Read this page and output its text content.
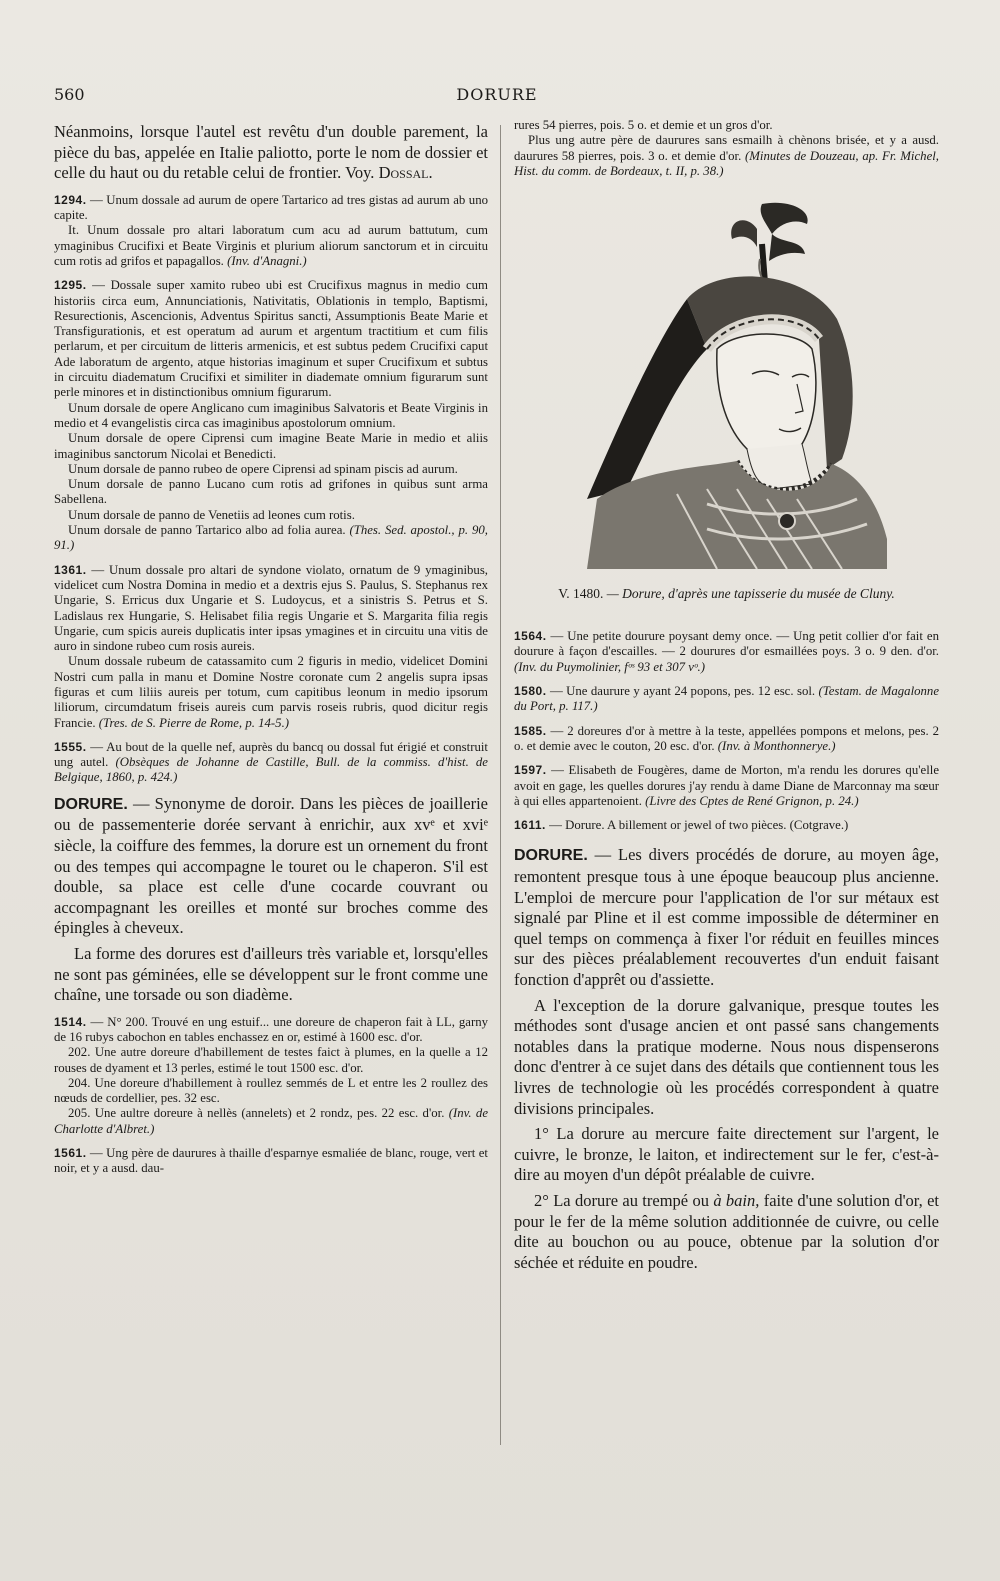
560	DORURE

Néanmoins, lorsque l'autel est revêtu d'un double parement, la pièce du bas, appelée en Italie paliotto, porte le nom de dossier et celle du haut ou du retable celui de frontier. Voy. Dossal.

1294. — Unum dossale ad aurum de opere Tartarico ad tres gistas ad aurum ab uno capite.
It. Unum dossale pro altari laboratum cum acu ad aurum battutum, cum ymaginibus Crucifixi et Beate Virginis et plurium aliorum sanctorum et in circuitu cum rotis ad grifos et papagallos. (Inv. d'Anagni.)

1295. — Dossale super xamito rubeo ubi est Crucifixus magnus in medio cum historiis circa eum, Annunciationis, Nativitatis, Oblationis in templo, Baptismi, Resurectionis, Ascencionis, Adventus Spiritus sancti, Assumptionis Beate Marie et Transfigurationis, et est operatum ad aurum et argentum tractitium et cum filis perlarum, et per circuitum de litteris armenicis, et est subtus pedem Crucifixi caput Ade laboratum de argento, atque historias imaginum et super Crucifixum et subtus in circuitu diadematum Crucifixi et similiter in diademate omnium figurarum sunt perle minores et in distinctionibus omnium figurarum.
Unum dorsale de opere Anglicano cum imaginibus Salvatoris et Beate Virginis in medio et 4 evangelistis circa cas imaginibus apostolorum omnium.
Unum dorsale de opere Ciprensi cum imagine Beate Marie in medio et aliis imaginibus sanctorum Nicolai et Benedicti.
Unum dorsale de panno rubeo de opere Ciprensi ad spinam piscis ad aurum.
Unum dorsale de panno Lucano cum rotis ad grifones in quibus sunt arma Sabellena.
Unum dorsale de panno de Venetiis ad leones cum rotis.
Unum dorsale de panno Tartarico albo ad folia aurea. (Thes. Sed. apostol., p. 90, 91.)

1361. — Unum dossale pro altari de syndone violato, ornatum de 9 ymaginibus, videlicet cum Nostra Domina in medio et a dextris ejus S. Paulus, S. Stephanus rex Ungarie, S. Erricus dux Ungarie et S. Ludoycus, et a sinistris S. Petrus et S. Ladislaus rex Hungarie, S. Helisabet filia regis Ungarie et S. Margarita filia regis Ungarie, cum spicis aureis duplicatis inter ipsas ymagines et in circuitu una vitis de auro in sindone rubeo cum rosis aureis.
Unum dossale rubeum de catassamito cum 2 figuris in medio, videlicet Domini Nostri cum palla in manu et Domine Nostre coronate cum 2 angelis supra ipsas figuras et cum liliis aureis per totum, cum capitibus leonum in medio ipsorum liliorum, circumdatum friseis aureis cum parvis roseis rubris, quod dicitur regis Francie. (Tres. de S. Pierre de Rome, p. 14-5.)

1555. — Au bout de la quelle nef, auprès du bancq ou dossal fut érigié et construit ung autel. (Obsèques de Johanne de Castille, Bull. de la commiss. d'hist. de Belgique, 1860, p. 424.)

DORURE. — Synonyme de doroir. Dans les pièces de joaillerie ou de passementerie dorée servant à enrichir, aux xvᵉ et xviᵉ siècle, la coiffure des femmes, la dorure est un ornement du front ou des tempes qui accompagne le touret ou le chaperon. S'il est double, sa place est celle d'une cocarde couvrant ou accompagnant les oreilles et monté sur broches comme des épingles à cheveux.

La forme des dorures est d'ailleurs très variable et, lorsqu'elles ne sont pas géminées, elle se développent sur le front comme une chaîne, une torsade ou son diadème.

1514. — N° 200. Trouvé en ung estuif... une doreure de chaperon fait à LL, garny de 16 rubys cabochon en tables enchassez en or, estimé à 1600 esc. d'or.
202. Une autre doreure d'habillement de testes faict à plumes, en la quelle a 12 rouses de dyament et 13 perles, estimé le tout 1500 esc. d'or.
204. Une doreure d'habillement à roullez semmés de L et entre les 2 roullez des nœuds de cordellier, pes. 32 esc.
205. Une aultre doreure à nellès (annelets) et 2 rondz, pes. 22 esc. d'or. (Inv. de Charlotte d'Albret.)

1561. — Ung père de daurures à thaille d'esparnye esmaliée de blanc, rouge, vert et noir, et y a ausd. dau-

rures 54 pierres, pois. 5 o. et demie et un gros d'or.
Plus ung autre père de daurures sans esmailh à chènons brisée, et y a ausd. daurures 58 pierres, pois. 3 o. et demie d'or. (Minutes de Douzeau, ap. Fr. Michel, Hist. du comm. de Bordeaux, t. II, p. 38.)

V. 1480. — Dorure, d'après une tapisserie du musée de Cluny.

1564. — Une petite dourure poysant demy once. — Ung petit collier d'or fait en dourure à façon d'escailles. — 2 dourures d'or esmaillées poys. 3 o. 9 den. d'or. (Inv. du Puymolinier, fᵒˢ 93 et 307 vᵒ.)

1580. — Une daurure y ayant 24 popons, pes. 12 esc. sol. (Testam. de Magalonne du Port, p. 117.)

1585. — 2 doreures d'or à mettre à la teste, appellées pompons et melons, pes. 2 o. et demie avec le couton, 20 esc. d'or. (Inv. à Monthonnerye.)

1597. — Elisabeth de Fougères, dame de Morton, m'a rendu les dorures qu'elle avoit en gage, les quelles dorures j'ay rendu à dame Diane de Marconnay ma sœur à qui elles appartenoient. (Livre des Cptes de René Grignon, p. 24.)

1611. — Dorure. A billement or jewel of two pièces. (Cotgrave.)

DORURE. — Les divers procédés de dorure, au moyen âge, remontent presque tous à une époque beaucoup plus ancienne. L'emploi de mercure pour l'application de l'or sur métaux est signalé par Pline et il est comme impossible de déterminer en quel temps on commença à fixer l'or réduit en feuilles minces sur des pièces préalablement recouvertes d'un enduit faisant fonction d'apprêt ou d'assiette.

A l'exception de la dorure galvanique, presque toutes les méthodes sont d'usage ancien et ont passé sans changements notables dans la pratique moderne. Nous nous dispenserons donc d'entrer à ce sujet dans des détails que contiennent tous les livres de technologie où les procédés correspondent à quatre divisions principales.

1° La dorure au mercure faite directement sur l'argent, le cuivre, le bronze, le laiton, et indirectement sur le fer, c'est-à-dire au moyen d'un dépôt préalable de cuivre.

2° La dorure au trempé ou à bain, faite d'une solution d'or, et pour le fer de la même solution additionnée de cuivre, ou celle dite au bouchon ou au pouce, obtenue par la solution d'or séchée et réduite en poudre.
